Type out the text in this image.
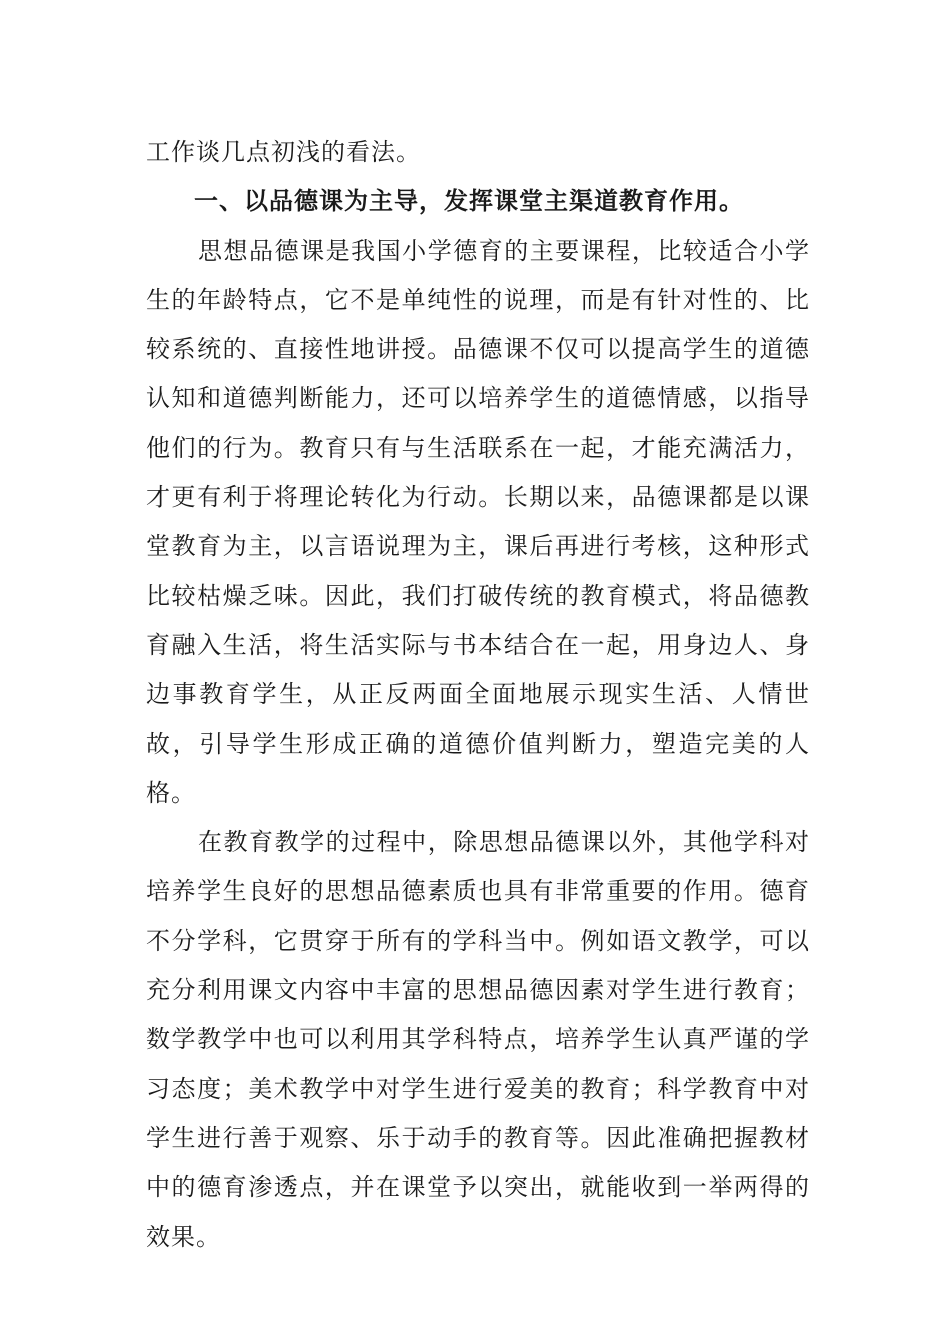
工作谈几点初浅的看法。

一、以品德课为主导，发挥课堂主渠道教育作用。

思想品德课是我国小学德育的主要课程，比较适合小学生的年龄特点，它不是单纯性的说理，而是有针对性的、比较系统的、直接性地讲授。品德课不仅可以提高学生的道德认知和道德判断能力，还可以培养学生的道德情感，以指导他们的行为。教育只有与生活联系在一起，才能充满活力，才更有利于将理论转化为行动。长期以来，品德课都是以课堂教育为主，以言语说理为主，课后再进行考核，这种形式比较枯燥乏味。因此，我们打破传统的教育模式，将品德教育融入生活，将生活实际与书本结合在一起，用身边人、身边事教育学生，从正反两面全面地展示现实生活、人情世故，引导学生形成正确的道德价值判断力，塑造完美的人格。

在教育教学的过程中，除思想品德课以外，其他学科对培养学生良好的思想品德素质也具有非常重要的作用。德育不分学科，它贯穿于所有的学科当中。例如语文教学，可以充分利用课文内容中丰富的思想品德因素对学生进行教育；数学教学中也可以利用其学科特点，培养学生认真严谨的学习态度；美术教学中对学生进行爱美的教育；科学教育中对学生进行善于观察、乐于动手的教育等。因此准确把握教材中的德育渗透点，并在课堂予以突出，就能收到一举两得的效果。
